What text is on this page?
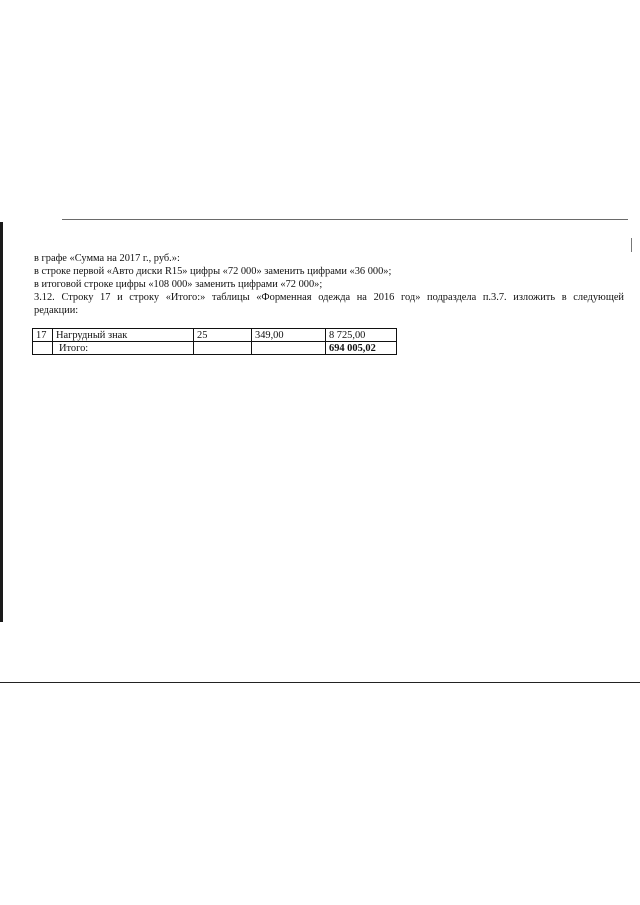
в графе «Сумма на 2017 г., руб.»:

в строке первой «Авто диски R15» цифры «72 000» заменить цифрами «36 000»;

в итоговой строке цифры «108 000» заменить цифрами «72 000»;

3.12. Строку 17 и строку «Итого:» таблицы «Форменная одежда на 2016 год» подраздела п.3.7. изложить в следующей

редакции:

17	Нагрудный знак	25	349,00	8 725,00
	Итого:			694 005,02
